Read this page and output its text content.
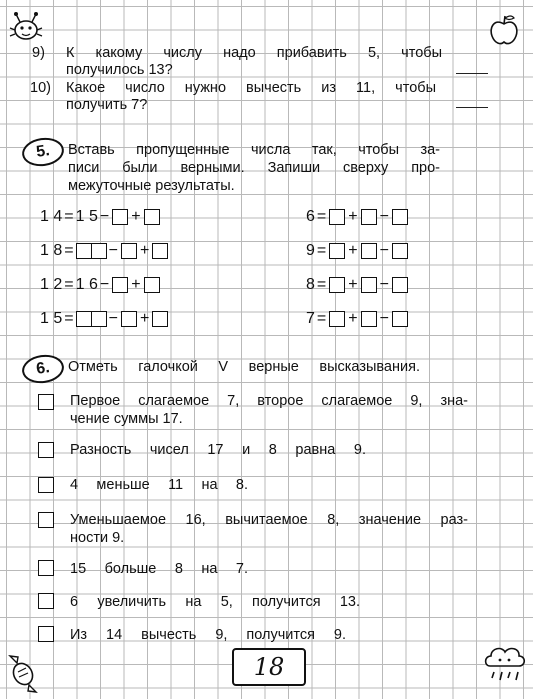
9) К какому числу надо прибавить 5, чтобы
получилось 13?
10) Какое число нужно вычесть из 11, чтобы
получить 7?
5.	Вставь пропущенные числа так, чтобы за-
писи были верными. Запиши сверху про-
межуточные результаты.
1 4 = 1 5 − +
1 8 = − +
1 2 = 1 6 − +
1 5 = − +
6 = + −
9 = + −
8 = + −
7 = + −
6.	Отметь галочкой V верные высказывания.
Первое слагаемое 7, второе слагаемое 9, зна-
чение суммы 17.
Разность чисел 17 и 8 равна 9.
4 меньше 11 на 8.
Уменьшаемое 16, вычитаемое 8, значение раз-
ности 9.
15 больше 8 на 7.
6 увеличить на 5, получится 13.
Из 14 вычесть 9, получится 9.
18
